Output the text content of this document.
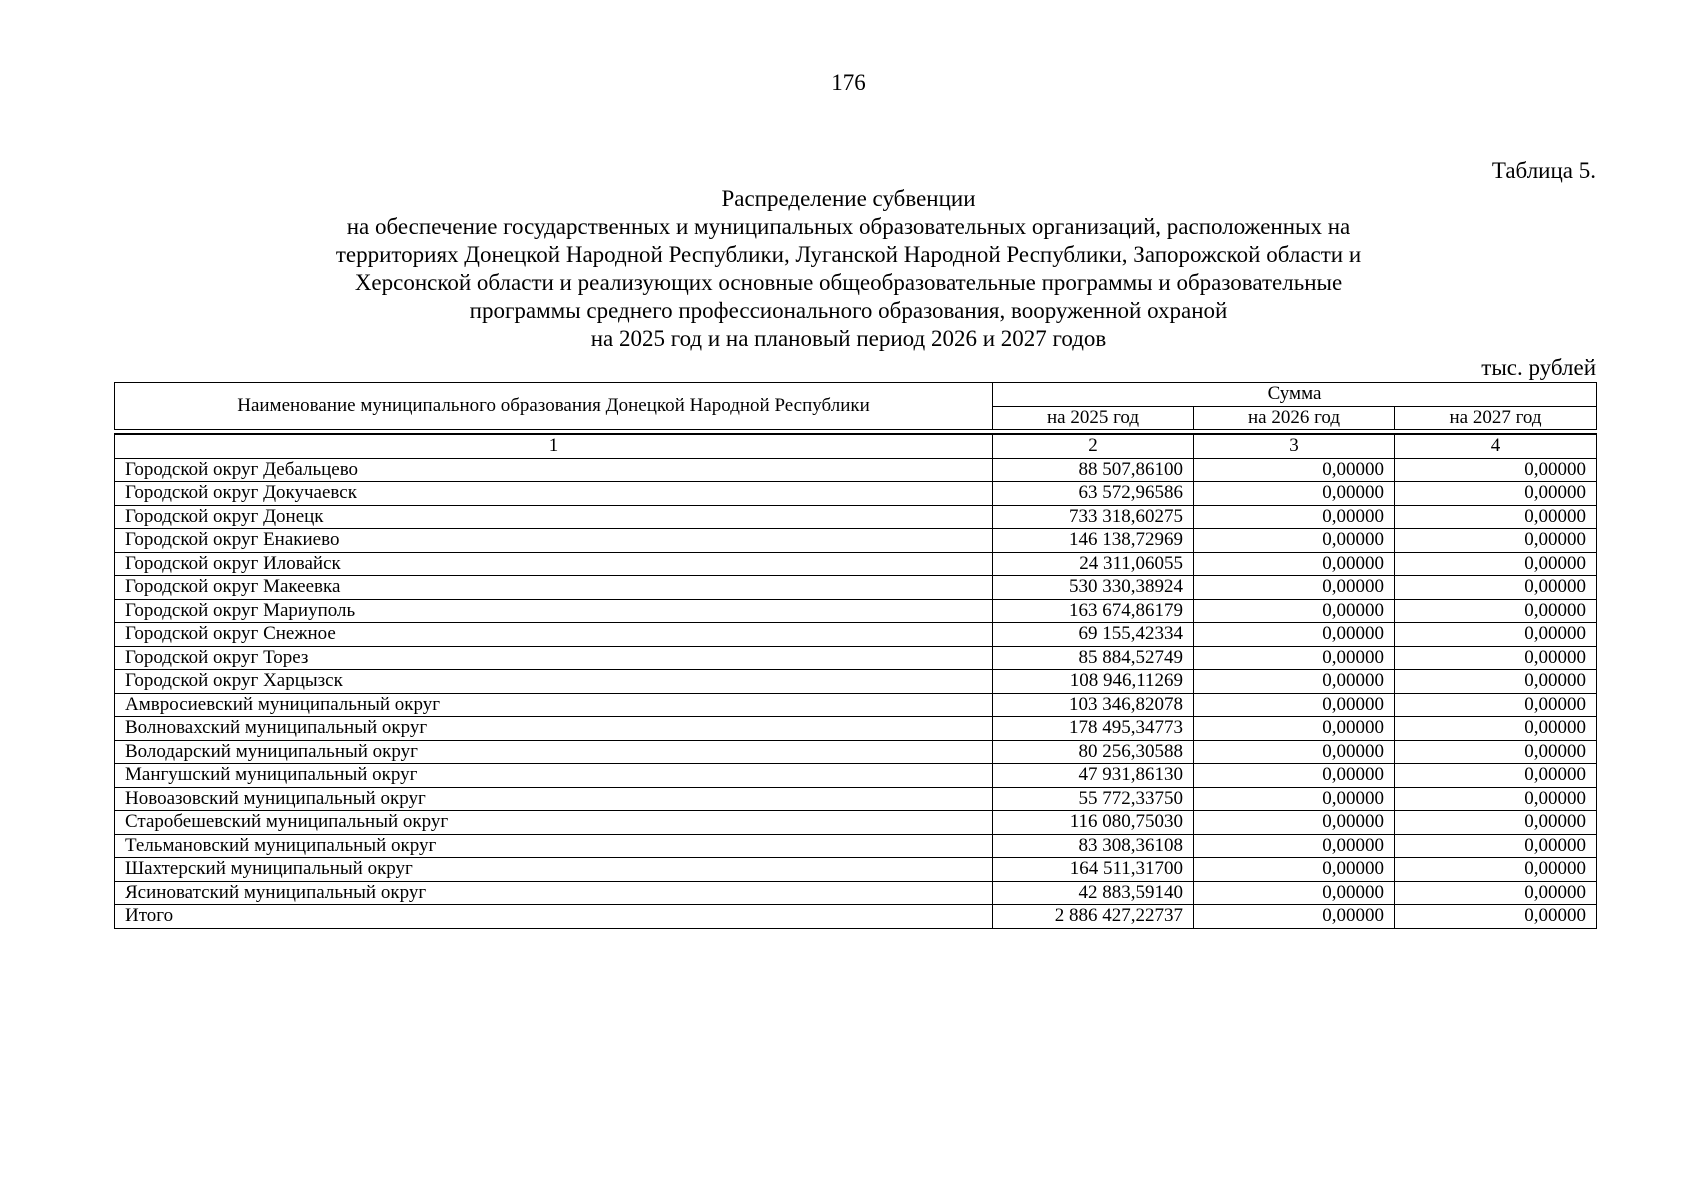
176
Таблица 5.
Распределение субвенции
на обеспечение государственных и муниципальных образовательных организаций, расположенных на
территориях Донецкой Народной Республики, Луганской Народной Республики, Запорожской области и
Херсонской области и реализующих основные общеобразовательные программы и образовательные
программы среднего профессионального образования, вооруженной охраной
на 2025 год и на плановый период 2026 и 2027 годов
тыс. рублей
Наименование муниципального образования Донецкой Народной Республики	Сумма		
	на 2025 год	на 2026 год	на 2027 год

1	2	3	4
Городской округ Дебальцево	88 507,86100	0,00000	0,00000
Городской округ Докучаевск	63 572,96586	0,00000	0,00000
Городской округ Донецк	733 318,60275	0,00000	0,00000
Городской округ Енакиево	146 138,72969	0,00000	0,00000
Городской округ Иловайск	24 311,06055	0,00000	0,00000
Городской округ Макеевка	530 330,38924	0,00000	0,00000
Городской округ Мариуполь	163 674,86179	0,00000	0,00000
Городской округ Снежное	69 155,42334	0,00000	0,00000
Городской округ Торез	85 884,52749	0,00000	0,00000
Городской округ Харцызск	108 946,11269	0,00000	0,00000
Амвросиевский муниципальный округ	103 346,82078	0,00000	0,00000
Волновахский муниципальный округ	178 495,34773	0,00000	0,00000
Володарский муниципальный округ	80 256,30588	0,00000	0,00000
Мангушский муниципальный округ	47 931,86130	0,00000	0,00000
Новоазовский муниципальный округ	55 772,33750	0,00000	0,00000
Старобешевский муниципальный округ	116 080,75030	0,00000	0,00000
Тельмановский муниципальный округ	83 308,36108	0,00000	0,00000
Шахтерский муниципальный округ	164 511,31700	0,00000	0,00000
Ясиноватский муниципальный округ	42 883,59140	0,00000	0,00000
Итого	2 886 427,22737	0,00000	0,00000
